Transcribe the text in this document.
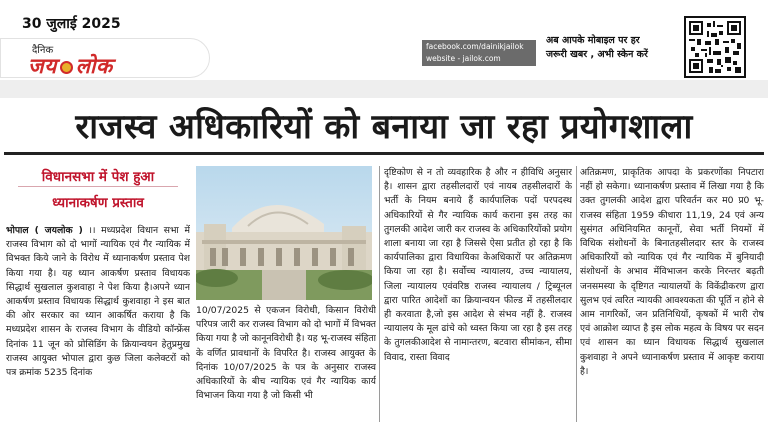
30 जुलाई 2025
दैनिक
जय लोक
facebook.com/dainikjailok
website - jailok.com
अब आपके मोबाइल पर हर
जरूरी खबर , अभी स्केन करें
राजस्व अधिकारियों को बनाया जा रहा प्रयोगशाला
विधानसभा में पेश हुआ
ध्यानाकर्षण प्रस्ताव
भोपाल ( जयलोक ) ।। मध्यप्रदेश विधान सभा में राजस्व विभाग को दो भागों न्यायिक एवं गैर न्यायिक में विभक्त किये जाने के विरोध में ध्यानाकर्षण प्रस्ताव पेश किया गया है। यह ध्यान आकर्षण प्रस्ताव विधायक सिद्धार्थ सुखलाल कुशवाहा ने पेश किया है।अपने ध्यान आकर्षण प्रस्ताव विधायक सिद्धार्थ कुशवाहा ने इस बात की ओर सरकार का ध्यान आकर्षित कराया है कि मध्यप्रदेश शासन के राजस्व विभाग के वीडियो कॉन्फ्रेंस दिनांक 11 जून को प्रोसिडिंग के क्रियान्वयन हेतुप्रमुख राजस्व आयुक्त भोपाल द्वारा कुछ जिला कलेक्टरों को पत्र क्रमांक 5235 दिनांक
10/07/2025 से एकजन विरोधी, किसान विरोधी परिपत्र जारी कर राजस्व विभाग को दो भागों में विभक्त किया गया है जो कानूनविरोधी है। यह भू-राजस्व संहिता के वर्णित प्रावधानों के विपरित है। राजस्व आयुक्त के दिनांक 10/07/2025 के पत्र के अनुसार राजस्व अधिकारियों के बीच न्यायिक एवं गैर न्यायिक कार्य विभाजन किया गया है जो किसी भी
दृष्टिकोण से न तो व्यवहारिक है और न हीविधि अनुसार है। शासन द्वारा तहसीलदारों एवं नायब तहसीलदारों के भर्ती के नियम बनाये हैं कार्यपालिक पदों परपदस्थ अधिकारियों से गैर न्यायिक कार्य कराना इस तरह का तुगलकी आदेश जारी कर राजस्व के अधिकारियोंको प्रयोग शाला बनाया जा रहा है जिससे ऐसा प्रतीत हो रहा है कि कार्यपालिका द्वारा विधायिका केअधिकारों पर अतिक्रमण किया जा रहा है। सर्वोच्च न्यायालय, उच्च न्यायालय, जिला न्यायालय एवंवरिष्ठ राजस्व न्यायालय / ट्रिब्यूनल द्वारा पारित आदेशों का क्रियान्वयन फील्ड में तहसीलदार ही करवाता है,जो इस आदेश से संभव नहीं है. राजस्व न्यायालय के मूल ढांचे को ध्वस्त किया जा रहा है इस तरह के तुगलकीआदेश से नामान्तरण, बटवारा सीमांकन, सीमा विवाद, रास्ता विवाद
अतिक्रमण, प्राकृतिक आपदा के प्रकरणोंका निपटारा नहीं हो सकेगा। ध्यानाकर्षण प्रस्ताव में लिखा गया है कि उक्त तुगलकी आदेश द्वारा परिवर्तन कर म0 प्र0 भू-राजस्व संहिता 1959 कीधारा 11,19, 24 एवं अन्य सुसंगत अधिनियमित कानूनों, सेवा भर्ती नियमों में विधिक संशोधनों के बिनातहसीलदार स्तर के राजस्व अधिकारियों को न्यायिक एवं गैर न्यायिक में बुनियादी संशोधनों के अभाव मेंविभाजन करके निरन्तर बढ़ती जनसमस्या के दृष्टिगत न्यायालयों के विकेंद्रीकरण द्वारा सुलभ एवं त्वरित न्यायकी आवश्यकता की पूर्ति न होने से आम नागरिकों, जन प्रतिनिधियों, कृषकों में भारी रोष एवं आक्रोश व्याप्त है इस लोक महत्व के विषय पर सदन एवं शासन का ध्यान विधायक सिद्धार्थ सुखलाल कुशवाहा ने अपने ध्यानाकर्षण प्रस्ताव में आकृष्ट कराया है।
